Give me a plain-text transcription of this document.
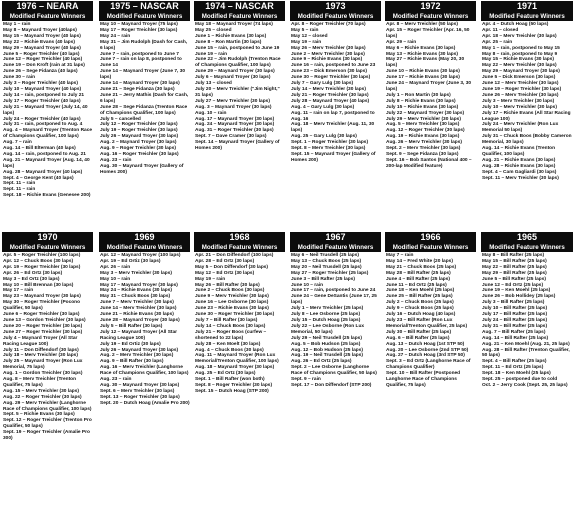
1976 – NEARA
Modified Feature Winners
May 1 – rain
May 8 – Maynard Troyer (40laps)
May 15 – Maynard Troyer (40 laps)
May 22 – Richie Evans (40 laps)
May 29 – Maynard Troyer (40 laps)
June 5 – Roger Treichler (40 laps)
June 12 – Roger Treichler (40 laps)
June 19 – Don Kroft (rain at 31 laps)
June 26 – Sege Fidanza (40 laps)
June 30 – rain
July 3 – Roger Treichler (40 laps)
July 10 – Maynard Troyer (40 laps)
July 14 – rain, postponed to July 21
July 17 – Roger Treichler (40 laps)
July 21 – Maynard Troyer (July 14, 40 laps)
July 24 – Roger Treichler (40 laps)
July 31 – rain, postponed to Aug. 4
Aug. 4 – Maynard Troyer (Trenton Race of Champions Qualifier, 100 laps)
Aug. 7 – rain
Aug. 14 – Bill Elterman (40 laps)
Aug. 14 – rain, postponed to Aug. 21
Aug. 21 – Maynard Troyer (Aug. 14, 40 laps)
Aug. 28 – Maynard Troyer (40 laps)
Sept. 4 – George Kent (40 laps)
Sept. 11 – rain
Sept. 11 – rain
Sept. 18 – Richie Evans (Genesee 200)
1975 – NASCAR
Modified Feature Winners
May 10 – Maynard Troyer (75 laps)
May 17 – Roger Treichler (30 laps)
May 24 – rain
May 31 – Jim Rudolph (Dash for Cash, 6 laps)
June 7 – rain, postponed to June 7
June 7 – rain on lap 8, postponed to June 14
June 14 – Maynard Troyer (June 7, 30 laps)
June 14 – Maynard Troyer (30 laps)
June 21 – Sege Fidanza (30 laps)
June 21 – Jerry Mathis (Dash for Cash, 6 laps)
June 28 – Sege Fidanza (Trenton Race of Champions Qualifier, 100 laps)
July 5 – cancelled
July 12 – Roger Treichler (30 laps)
July 19 – Roger Treichler (30 laps)
July 26 – Maynard Troyer (30 laps)
Aug. 2 – Maynard Troyer (30 laps)
Aug. 9 – Roger Treichler (30 laps)
Aug. 16 – Roger Treichler (30 laps)
Aug. 23 – rain
Aug. 30 – Maynard Troyer (Gallery of Homes 200)
1974 – NASCAR
Modified Feature Winners
May 18 – Maynard Troyer (74 laps)
May 25 – closed
June 1 – Richie Evans (30 laps)
June 8 – Ron Martin (30 laps)
June 15 – rain, postponed to June 19
June 19 – rain
June 22 – Jim Rudolph (Trenton Race of Champions Qualifier, 100 laps)
June 29 – Maynard Troyer (30 laps)
July 6 – Maynard Troyer (30 laps)
July 13 – closed
July 20 – Merv Treichler ("Jim Night," 31 laps)
July 27 – Merv Treichler (30 laps)
Aug. 3 – Maynard Troyer (30 laps)
Aug. 10 – rain
Aug. 17 – Maynard Troyer (30 laps)
Aug. 24 – Maynard Troyer (30 laps)
Aug. 31 – Roger Treichler (30 laps)
Sept. 7 – Dave Cramer (30 laps)
Sept. 14 – Maynard Troyer (Gallery of Homes 200)
1973
Modified Feature Winners
Apr. 8 – Roger Treichler (70 laps)
May 5 – rain
May 12 – closed
May 19 – rain
May 26 – Merv Treichler (30 laps)
June 2 – Merv Treichler (30 laps)
June 9 – Richie Evans (30 laps)
June 16 – rain, postponed to June 23
June 23 – Dick Emerson (30 laps)
June 30 – Roger Treichler (30 laps)
July 7 – Gary Lulg (30 laps)
July 14 – Merv Treichler (30 laps)
July 21 – Roger Treichler (30 laps)
July 28 – Maynard Troyer (40 laps)
Aug. 4 – Gary Lulg (30 laps)
Aug. 11 – rain on lap 7, postponed to Aug. 16
Aug. 18 – Merv Treichler (Aug. 11, 30 laps)
Aug. 25 – Gary Lulg (30 laps)
Sept. 1 – Roger Treichler (30 laps)
Sept. 8 – Merv Treichler (30 laps)
Sept. 15 – Maynard Troyer (Gallery of Homes 200)
1972
Modified Feature Winners
Apr. 8 – Merv Treichler (50 laps)
Apr. 15 – Roger Treichler (Apr. 16, 50 laps)
Apr. 29 – rain
May 6 – Richie Evans (30 laps)
May 13 – Richie Evans (30 laps)
May 27 – Richie Evans (May 20, 30 laps)
June 10 – Richie Evans (30 laps)
June 17 – Richie Evans (30 laps)
June 24 – Maynard Troyer (June 3, 30 laps)
July 1 – Ron Martin (30 laps)
July 8 – Richie Evans (30 laps)
July 15 – Richie Evans (30 laps)
July 22 – Maynard Troyer (30 laps)
July 29 – Merv Treichler (30 laps)
Aug. 5 – Merv Treichler (30 laps)
Aug. 12 – Roger Treichler (30 laps)
Aug. 19 – Richie Evans (30 laps)
Aug. 26 – Merv Treichler (30 laps)
Sept. 2 – Merv Treichler (30 laps)
Sept. 9 – Sege Fidanza (30 laps)
Sept. 16 – Bob Santos (National 400 – 200-lap Modified feature)
1971
Modified Feature Winners
Apr. 4 – Dutch Hoag (50 laps)
Apr. 11 – closed
Apr. 18 – Merv Treichler (30 laps)
Apr. 25 – rain
May 1 – rain, postponed to May 15
May 8 – rain, postponed to May 9
May 15 – Richie Evans (30 laps)
May 22 – Merv Treichler (30 laps)
May 29 – Maynard Troyer (30 laps)
June 5 – Dick Emerson (30 laps)
June 12 – Merv Treichler (30 laps)
June 19 – Roger Treichler (30 laps)
June 26 – Merv Treichler (30 laps)
July 3 – Merv Treichler (30 laps)
July 10 – Merv Treichler (30 laps)
July 17 – Richie Evans (All Star Racing League 100)
July 24 – Merv Treichler (Ron Lux Memorial 50 laps)
July 31 – Chuck Boos (Bobby Cameron Memorial, 30 laps)
Aug. 14 – Richie Evans (Trenton Qualifier, 100 laps)
Aug. 21 – Richie Evans (30 laps)
Aug. 28 – Richie Evans (30 laps)
Sept. 4 – Cam Gagliardi (30 laps)
Sept. 11 – Merv Treichler (30 laps)
1970
Modified Feature Winners
Apr. 5 – Roger Treichler (100 laps)
Apr. 12 – Chuck Boos (30 laps)
Apr. 19 – Roger Treichler (30 laps)
Apr. 26 – Ed Ortz (30 laps)
May 3 – Ed Ortz (30 laps)
May 10 – Bill Brennan (30 laps)
May 17 – rain
May 23 – Maynard Troyer (30 laps)
May 30 – Roger Treichler (Pocono Qualifier, 50 laps)
June 6 – Roger Treichler (30 laps)
June 13 – Gordon Treichler (30 laps)
June 20 – Roger Treichler (30 laps)
June 27 – Roger Treichler (30 laps)
July 4 – Maynard Troyer (All Star Racing League 100)
July 11 – Don Diffendorf (30 laps)
July 18 – Merv Treichler (30 laps)
July 25 – Maynard Troyer (Ron Lux Memorial, 75 laps)
Aug. 1 – Gordon Treichler (30 laps)
Aug. 8 – Merv Treichler (Trenton Qualifier, 75 laps)
Aug. 15 – Merv Treichler (30 laps)
Aug. 22 – Roger Treichler (30 laps)
Aug. 29 – Merv Treichler (Langhorne Race of Champions Qualifier, 100 laps)
Sept. 5 – Richie Evans (30 laps)
Sept. 12 – Roger Treichler (Trenton Pro Qualifier, 50 laps)
Sept. 19 – Roger Treichler (Amalie Pro 300)
1969
Modified Feature Winners
Apr. 12 – Maynard Troyer (100 laps)
Apr. 19 – Ed Ortiz (30 laps)
Apr. 26 – rain
May 3 – Merv Treichler (30 laps)
May 10 – rain
May 17 – Maynard Troyer (30 laps)
May 24 – Richie Evans (30 laps)
May 31 – Chuck Boos (30 laps)
June 7 – Merv Treichler (30 laps)
June 14 – Merv Treichler (30 laps)
June 21 – Richie Evans (30 laps)
June 28 – Maynard Troyer (30 laps)
July 5 – Bill Rafter (30 laps)
July 12 – Maynard Troyer (All Star Racing League 100)
July 19 – Ed Ortiz (30 laps)
July 26 – Maynard Troyer (30 laps)
Aug. 2 – Merv Treichler (30 laps)
Aug. 9 – Bill Rafter (30 laps)
Aug. 16 – Merv Treichler (Langhorne Race of Champions Qualifier, 100 laps)
Aug. 23 – rain
Aug. 30 – Maynard Troyer (30 laps)
Sept. 6 – Merv Treichler (30 laps)
Sept. 13 – Roger Treichler (30 laps)
Sept. 20 – Dutch Hoag (Amalie Pro 200)
1968
Modified Feature Winners
Apr. 21 – Don Diffendorf (100 laps)
Apr. 28 – Ed Ortz (30 laps)
May 5 – Don Diffendorf (30 laps)
May 12 – Ed Ortz (30 laps)
May 19 – rain
May 26 – Bill Rafter (30 laps)
June 2 – Chuck Boos (30 laps)
June 9 – Merv Treichler (30 laps)
June 16 – Lee Osborne (30 laps)
June 23 – Richie Evans (30 laps)
June 30 – Roger Treichler (30 laps)
July 7 – Bill Rafter (30 laps)
July 14 – Chuck Boos (30 laps)
July 21 – Roger Boos (curfew – shortened to 22 laps)
July 28 – Ken Moelt (30 laps)
Aug. 4 – Chuck Boos (30 laps)
Aug. 11 – Maynard Troyer (Ron Lux Memorial/Trenton Qualifier, 100 laps)
Aug. 18 – Maynard Troyer (30 laps)
Aug. 25 – Ed Ortz (30 laps)
Sept. 1 – Bill Rafter (won both)
Sept. 8 – Roger Treichler (30 laps)
Sept. 15 – Dutch Hoag (STP 200)
1967
Modified Feature Winners
May 6 – Neil Trusdell (25 laps)
May 13 – Chuck Boos (25 laps)
May 20 – Neil Trusdell (25 laps)
May 27 – Roger Treichler (25 laps)
June 3 – Bill Rafter (25 laps)
June 10 – rain
June 17 – rain, postponed to June 24
June 24 – Gene DeSantis (June 17, 25 laps)
July 1 – Merv Treichler (25 laps)
July 8 – Lee Osborne (25 laps)
July 15 – Dutch Hoag (25 laps)
July 22 – Lee Osborne (Ron Lux Memorial, 50 laps)
July 29 – Neil Trusdell (25 laps)
Aug. 5 – Bob Hudson (25 laps)
Aug. 12 – Bob Hudson (25 laps)
Aug. 19 – Neil Trusdell (25 laps)
Aug. 26 – Ed Ortz (25 laps)
Sept. 2 – Lee Osborne (Langhorne Race of Champions Qualifier, 50 laps)
Sept. 9 – rain
Sept. 17 – Don Diffendorf (STP 200)
1966
Modified Feature Winners
May 7 – rain
May 14 – Fred White (20 laps)
May 21 – Chuck Boos (25 laps)
May 28 – Bill Rafter (25 laps)
June 4 – Bill Rafter (25 laps)
June 11 – Ed Ortz (25 laps)
June 18 – Ken Moehl (25 laps)
June 25 – Bill Rafter (25 laps)
July 2 – Chuck Boos (25 laps)
July 9 – Chuck Boos (25 laps)
July 16 – Dutch Hoag (40 laps)
July 23 – Bill Rafter (Ron Lux Memorial/Trenton Qualifier, 25 laps)
July 30 – Bill Rafter (25 laps)
Aug. 6 – Bill Rafter (25 laps)
Aug. 13 – Dutch Hoag (1st STP 50)
Aug. 20 – Lee Osborne (2nd STP 50)
Aug. 27 – Dutch Hoag (3rd STP 50)
Sept. 3 – Ed Ortz (Langhorne Race of Champions Qualifier)
Sept. 10 – Bill Rafter (Postponed Langhorne Race of Champions Qualifier, 75 laps)
1965
Modified Feature Winners
May 8 – Bill Rafter (25 laps)
May 15 – Bill Rafter (25 laps)
May 22 – Bill Rafter (25 laps)
May 29 – Bill Rafter (25 laps)
June 5 – Bill Rafter (25 laps)
June 12 – Ed Ortz (25 laps)
June 19 – Ken Moehl (25 laps)
June 26 – Bob Hollidey (25 laps)
July 3 – Bill Rafter (25 laps)
July 10 – Bill Rafter (25 laps)
July 17 – Bill Rafter (25 laps)
July 24 – Bill Rafter (25 laps)
July 31 – Bill Rafter (25 laps)
Aug. 7 – Bill Rafter (25 laps)
Aug. 14 – Bill Rafter (25 laps)
Aug. 21 – Ken Moehl (Aug. 21, 25 laps)
Aug. 28 – Bill Rafter (Trenton Qualifier, 50 laps)
Sept. 4 – Bill Rafter (25 laps)
Sept. 11 – Ed Ortz (25 laps)
Sept. 18 – Ken Moehl (25 laps)
Sept. 25 – postponed due to cold
Oct. 2 – Jerry Cook (Sept. 25, 25 laps)
